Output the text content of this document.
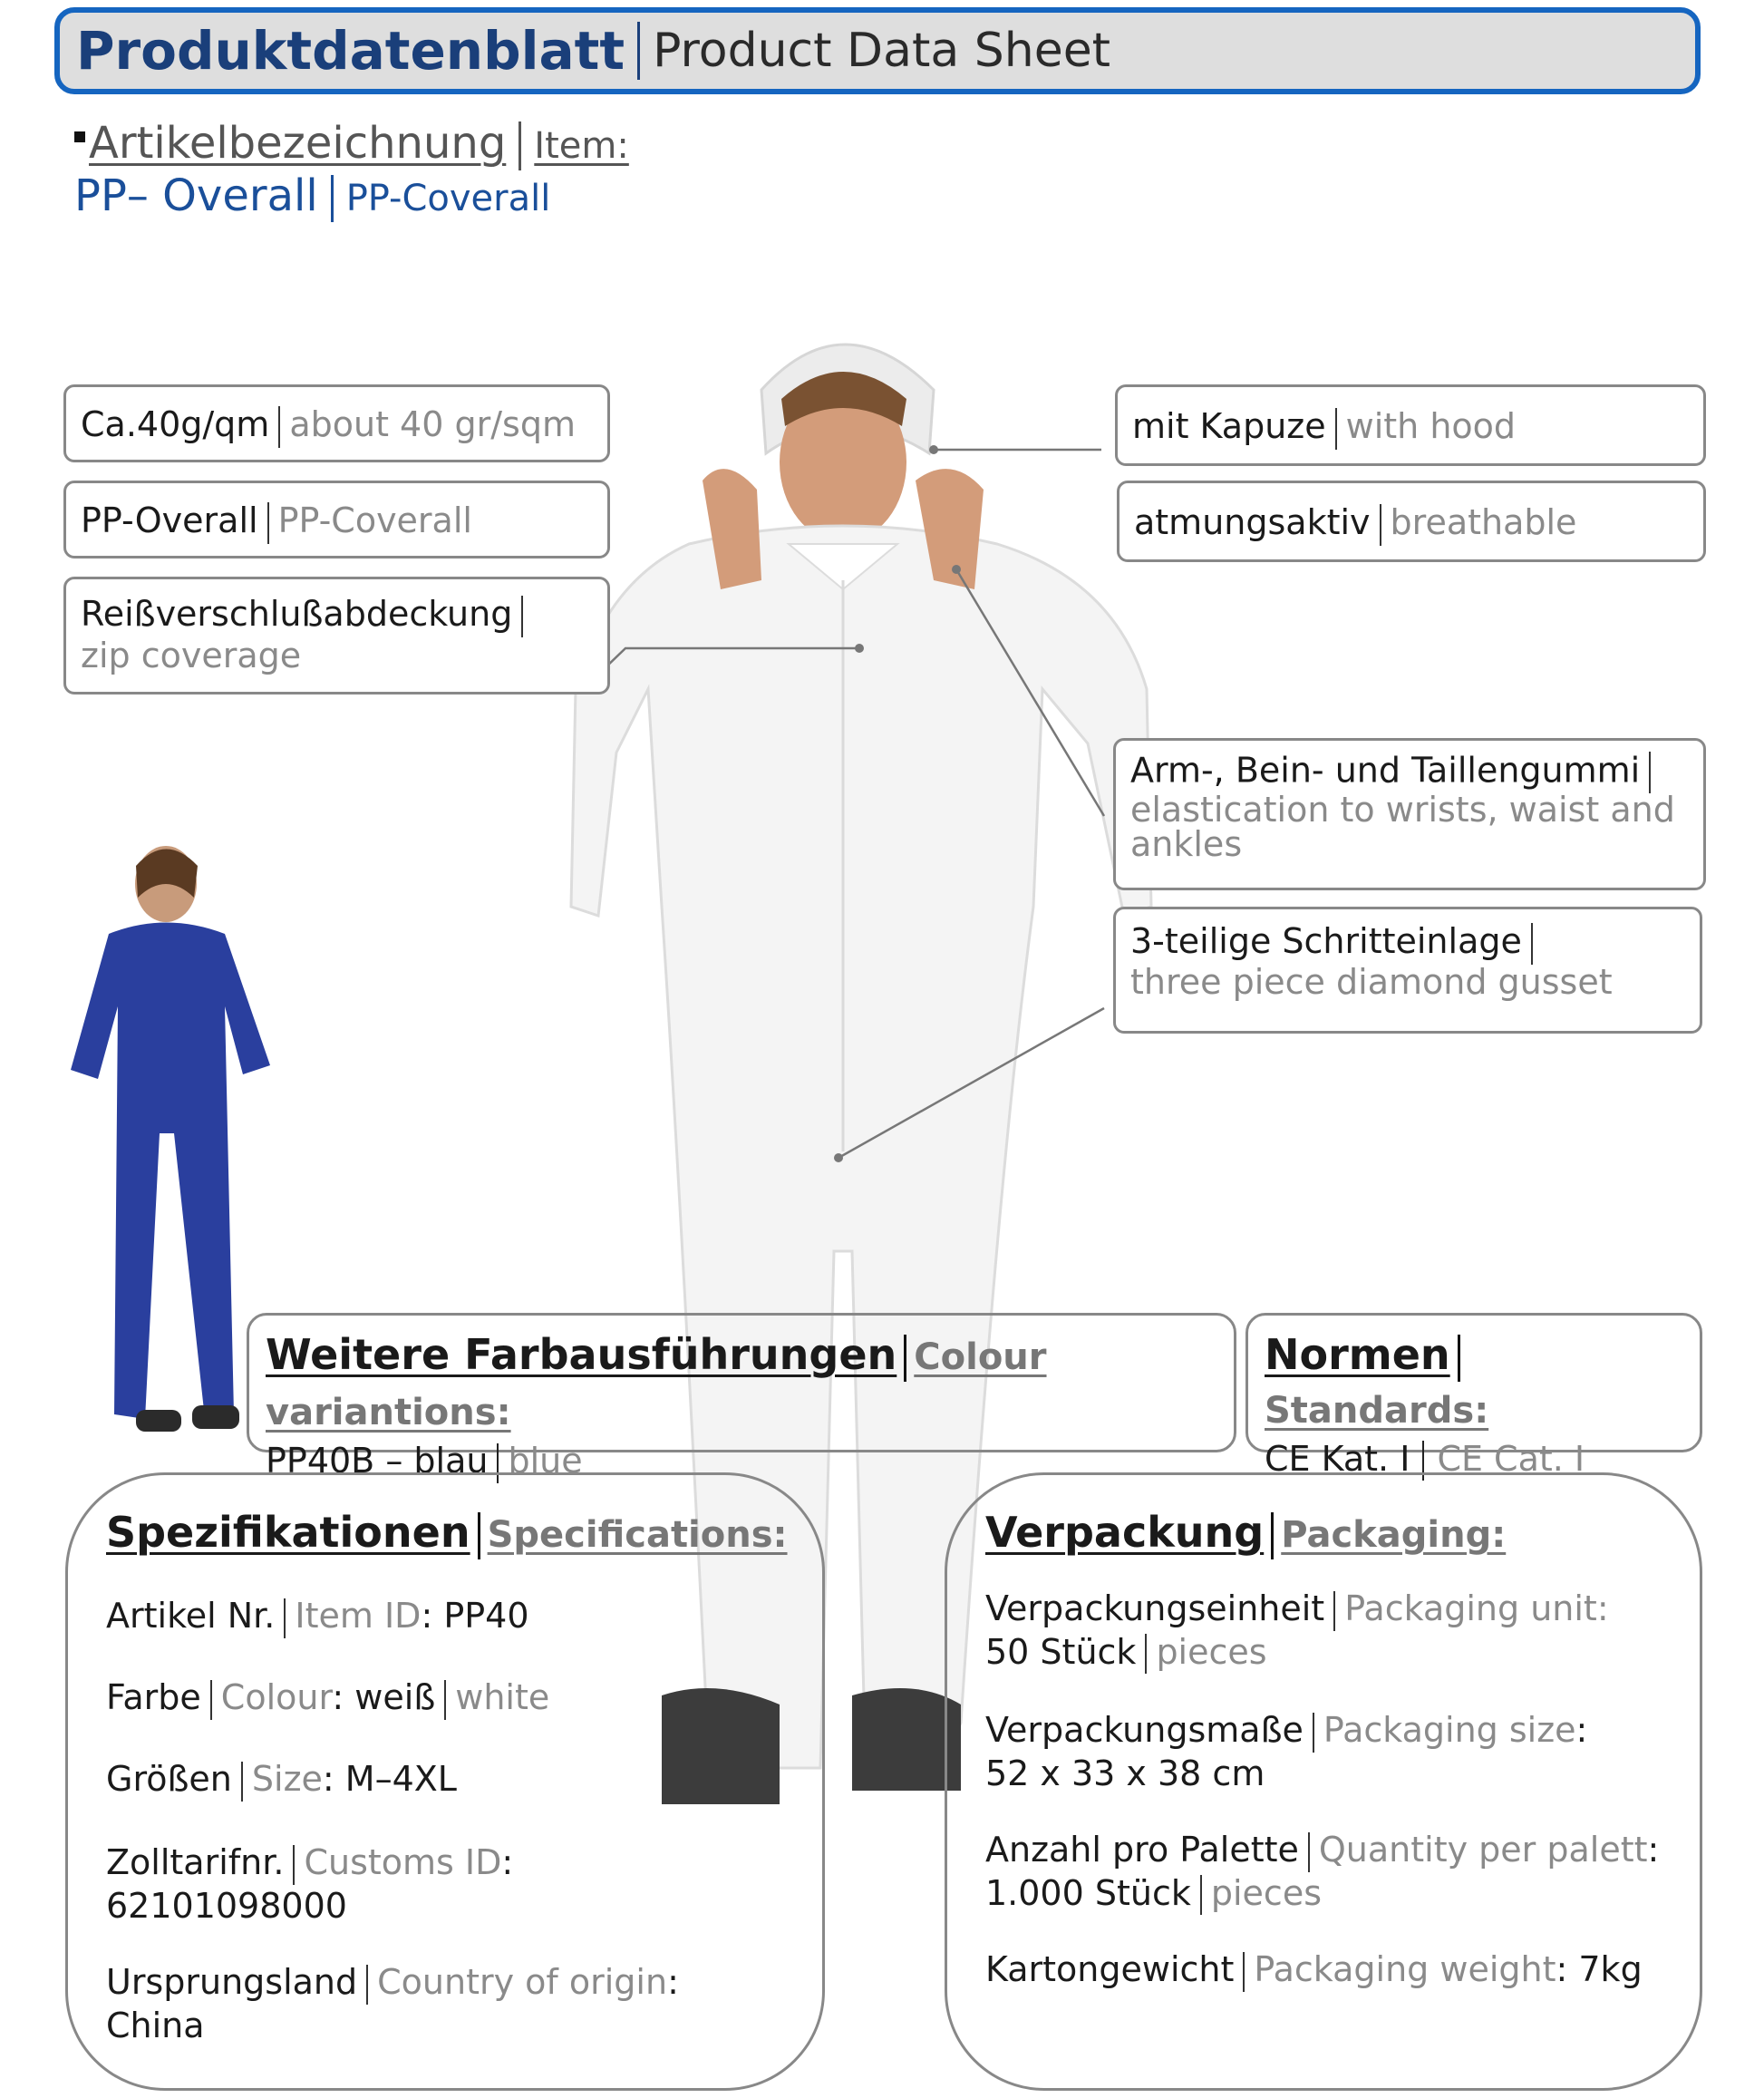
Produktdatenblatt Product Data Sheet
Artikelbezeichnung Item:
PP– Overall PP-Coverall
Ca.40g/qm about 40 gr/sqm
PP-Overall PP-Coverall
Reißverschlußabdeckung
zip coverage
mit Kapuze with hood
atmungsaktiv breathable
Arm-, Bein- und Taillengummi
elastication to wrists, waist and
ankles
3-teilige Schritteinlage
three piece diamond gusset
Weitere Farbausführungen Colour variantions:
PP40B – blau blue
NormenStandards:
CE Kat. I CE Cat. I
Spezifikationen Specifications:
Artikel Nr. Item ID: PP40
Farbe Colour: weiß white
Größen Size: M–4XL
Zolltarifnr. Customs ID:
62101098000
Ursprungsland Country of origin:
China
Verpackung Packaging:
Verpackungseinheit Packaging unit:
50 Stück pieces
Verpackungsmaße Packaging size:
52 x 33 x 38 cm
Anzahl pro Palette Quantity per palett:
1.000 Stück pieces
Kartongewicht Packaging weight: 7kg
